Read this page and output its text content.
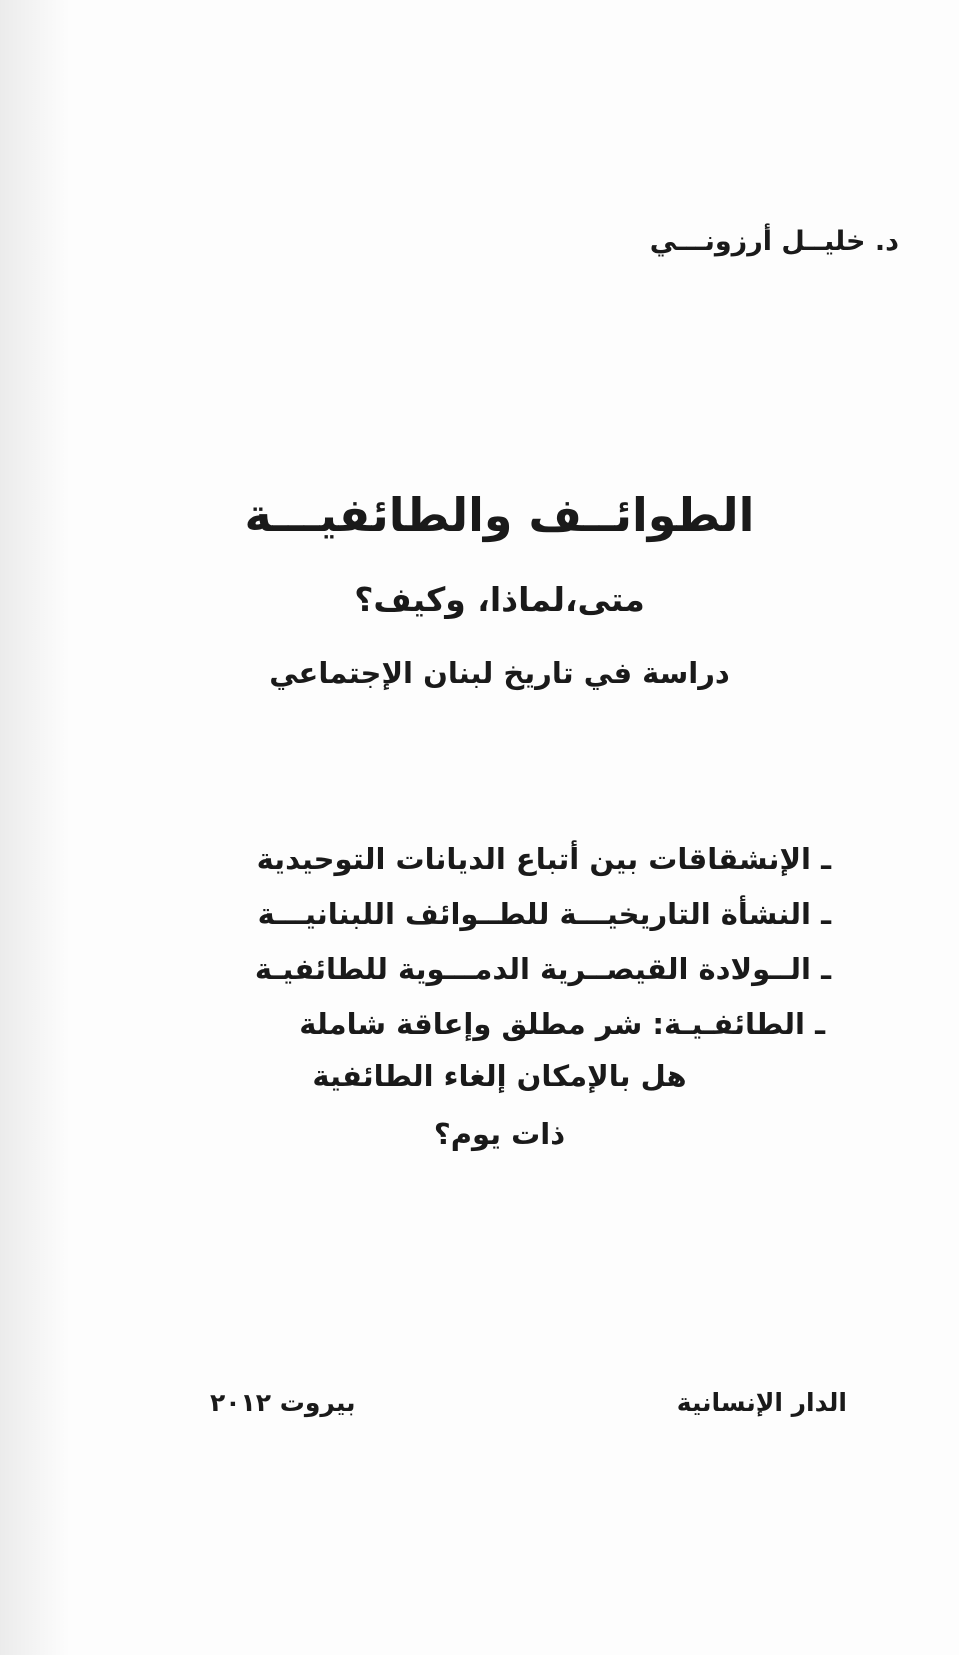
د. خليــل أرزونـــي

الطوائــف والطائفيـــة
متى،لماذا، وكيف؟

دراسة في تاريخ لبنان الإجتماعي

ـ الإنشقاقات بين أتباع الديانات التوحيدية
ـ النشأة التاريخيـــة للطــوائف اللبنانيـــة
ـ الــولادة القيصــرية الدمـــوية للطائفيـة
ـ الطائفـيـة: شر مطلق وإعاقة شاملة
هل بالإمكان إلغاء الطائفية
ذات يوم؟

الدار الإنسانية

بيروت ٢٠١٢
